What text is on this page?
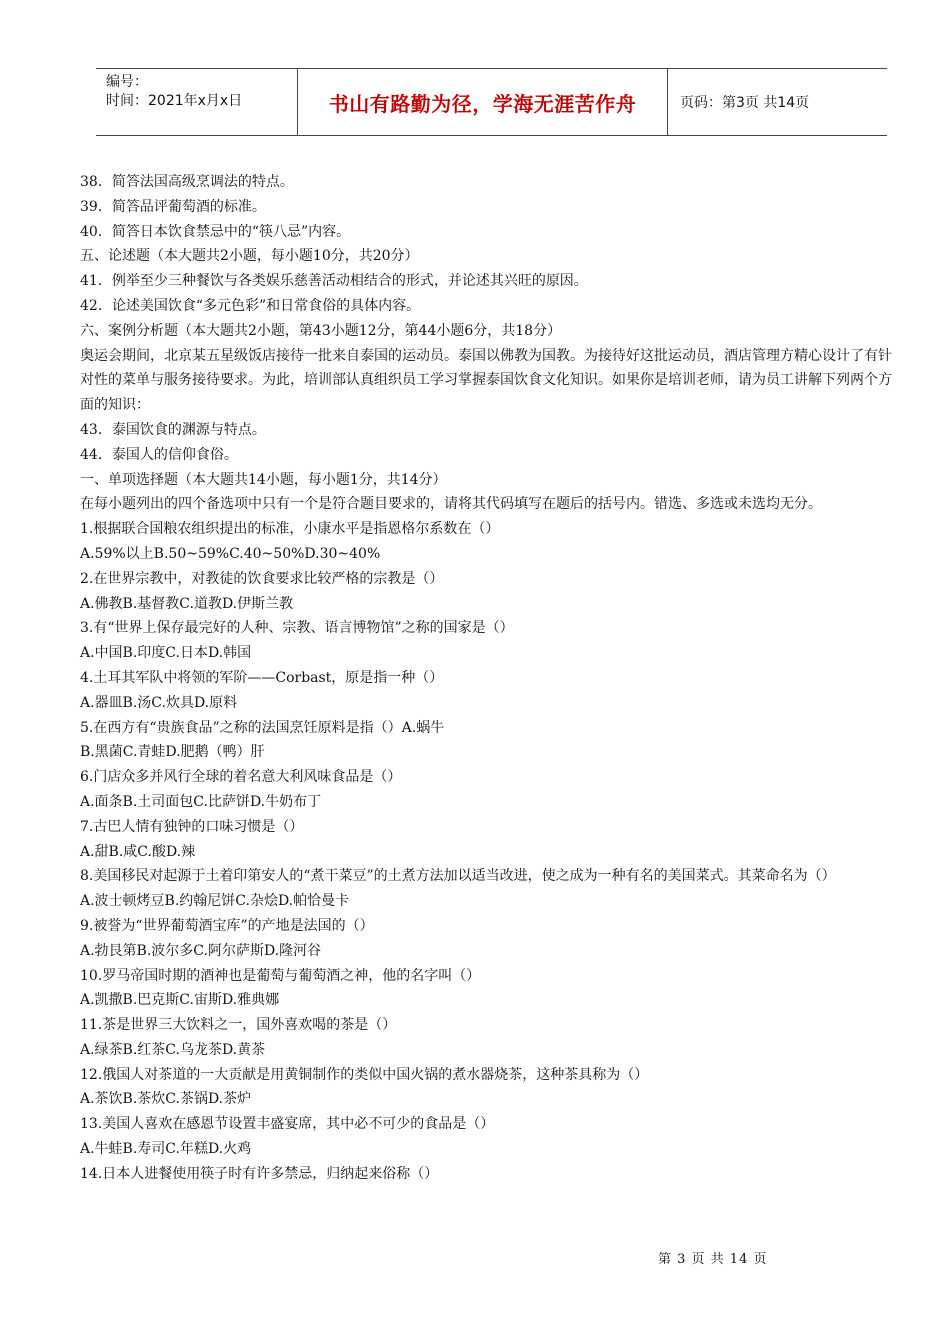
编号：
时间：2021年x月x日	书山有路勤为径，学海无涯苦作舟	页码：第3页 共14页

38．简答法国高级烹调法的特点。

39．简答品评葡萄酒的标准。

40．简答日本饮食禁忌中的“筷八忌”内容。

五、论述题（本大题共2小题，每小题10分，共20分）

41．例举至少三种餐饮与各类娱乐慈善活动相结合的形式，并论述其兴旺的原因。

42．论述美国饮食“多元色彩”和日常食俗的具体内容。

六、案例分析题（本大题共2小题，第43小题12分，第44小题6分，共18分）

奥运会期间，北京某五星级饭店接待一批来自泰国的运动员。泰国以佛教为国教。为接待好这批运动员，酒店管理方精心设计了有针对性的菜单与服务接待要求。为此，培训部认真组织员工学习掌握泰国饮食文化知识。如果你是培训老师，请为员工讲解下列两个方面的知识：

43．泰国饮食的渊源与特点。

44．泰国人的信仰食俗。

一、单项选择题（本大题共14小题，每小题1分，共14分）

在每小题列出的四个备选项中只有一个是符合题目要求的，请将其代码填写在题后的括号内。错选、多选或未选均无分。

1.根据联合国粮农组织提出的标准，小康水平是指恩格尔系数在（）

A.59%以上B.50~59%C.40~50%D.30~40%

2.在世界宗教中，对教徒的饮食要求比较严格的宗教是（）

A.佛教B.基督教C.道教D.伊斯兰教

3.有“世界上保存最完好的人种、宗教、语言博物馆”之称的国家是（）

A.中国B.印度C.日本D.韩国

4.土耳其军队中将领的军阶——Corbast，原是指一种（）

A.器皿B.汤C.炊具D.原料

5.在西方有“贵族食品”之称的法国烹饪原料是指（）A.蜗牛

B.黑菌C.青蛙D.肥鹅（鸭）肝

6.门店众多并风行全球的着名意大利风味食品是（）

A.面条B.土司面包C.比萨饼D.牛奶布丁

7.古巴人情有独钟的口味习惯是（）

A.甜B.咸C.酸D.辣

8.美国移民对起源于土着印第安人的“煮干菜豆”的土煮方法加以适当改进，使之成为一种有名的美国菜式。其菜命名为（）

A.波士顿烤豆B.约翰尼饼C.杂烩D.帕恰曼卡

9.被誉为“世界葡萄酒宝库”的产地是法国的（）

A.勃艮第B.波尔多C.阿尔萨斯D.隆河谷

10.罗马帝国时期的酒神也是葡萄与葡萄酒之神，他的名字叫（）

A.凯撒B.巴克斯C.宙斯D.雅典娜

11.茶是世界三大饮料之一，国外喜欢喝的茶是（）

A.绿茶B.红茶C.乌龙茶D.黄茶

12.俄国人对茶道的一大贡献是用黄铜制作的类似中国火锅的煮水器烧茶，这种茶具称为（）

A.茶饮B.茶炊C.茶锅D.茶炉

13.美国人喜欢在感恩节设置丰盛宴席，其中必不可少的食品是（）

A.牛蛙B.寿司C.年糕D.火鸡

14.日本人进餐使用筷子时有许多禁忌，归纳起来俗称（）

第 3 页 共 14 页
